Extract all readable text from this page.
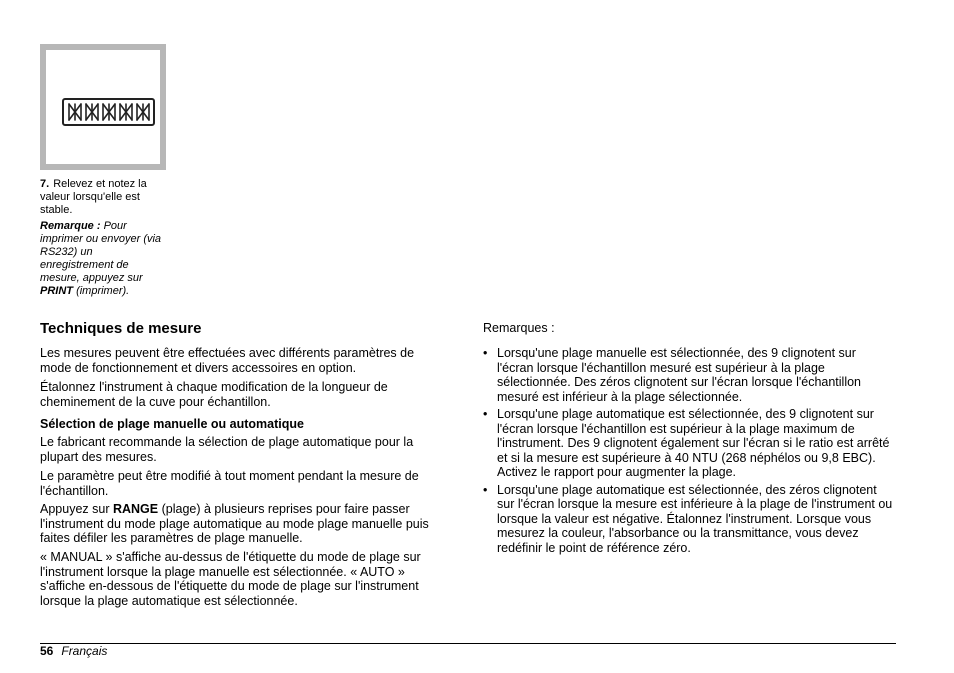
7. Relevez et notez la valeur lorsqu'elle est stable.
Remarque : Pour imprimer ou envoyer (via RS232) un enregistrement de mesure, appuyez sur PRINT (imprimer).
Techniques de mesure

Les mesures peuvent être effectuées avec différents paramètres de mode de fonctionnement et divers accessoires en option.

Étalonnez l'instrument à chaque modification de la longueur de cheminement de la cuve pour échantillon.

Sélection de plage manuelle ou automatique

Le fabricant recommande la sélection de plage automatique pour la plupart des mesures.

Le paramètre peut être modifié à tout moment pendant la mesure de l'échantillon.

Appuyez sur RANGE (plage) à plusieurs reprises pour faire passer l'instrument du mode plage automatique au mode plage manuelle puis faites défiler les paramètres de plage manuelle.

« MANUAL » s'affiche au-dessus de l'étiquette du mode de plage sur l'instrument lorsque la plage manuelle est sélectionnée. « AUTO » s'affiche en-dessous de l'étiquette du mode de plage sur l'instrument lorsque la plage automatique est sélectionnée.

Remarques :
• Lorsqu'une plage manuelle est sélectionnée, des 9 clignotent sur l'écran lorsque l'échantillon mesuré est supérieur à la plage sélectionnée. Des zéros clignotent sur l'écran lorsque l'échantillon mesuré est inférieur à la plage sélectionnée.
• Lorsqu'une plage automatique est sélectionnée, des 9 clignotent sur l'écran lorsque l'échantillon est supérieur à la plage maximum de l'instrument. Des 9 clignotent également sur l'écran si le ratio est arrêté et si la mesure est supérieure à 40 NTU (268 néphélos ou 9,8 EBC). Activez le rapport pour augmenter la plage.
• Lorsqu'une plage automatique est sélectionnée, des zéros clignotent sur l'écran lorsque la mesure est inférieure à la plage de l'instrument ou lorsque la valeur est négative. Étalonnez l'instrument. Lorsque vous mesurez la couleur, l'absorbance ou la transmittance, vous devez redéfinir le point de référence zéro.
56 Français
